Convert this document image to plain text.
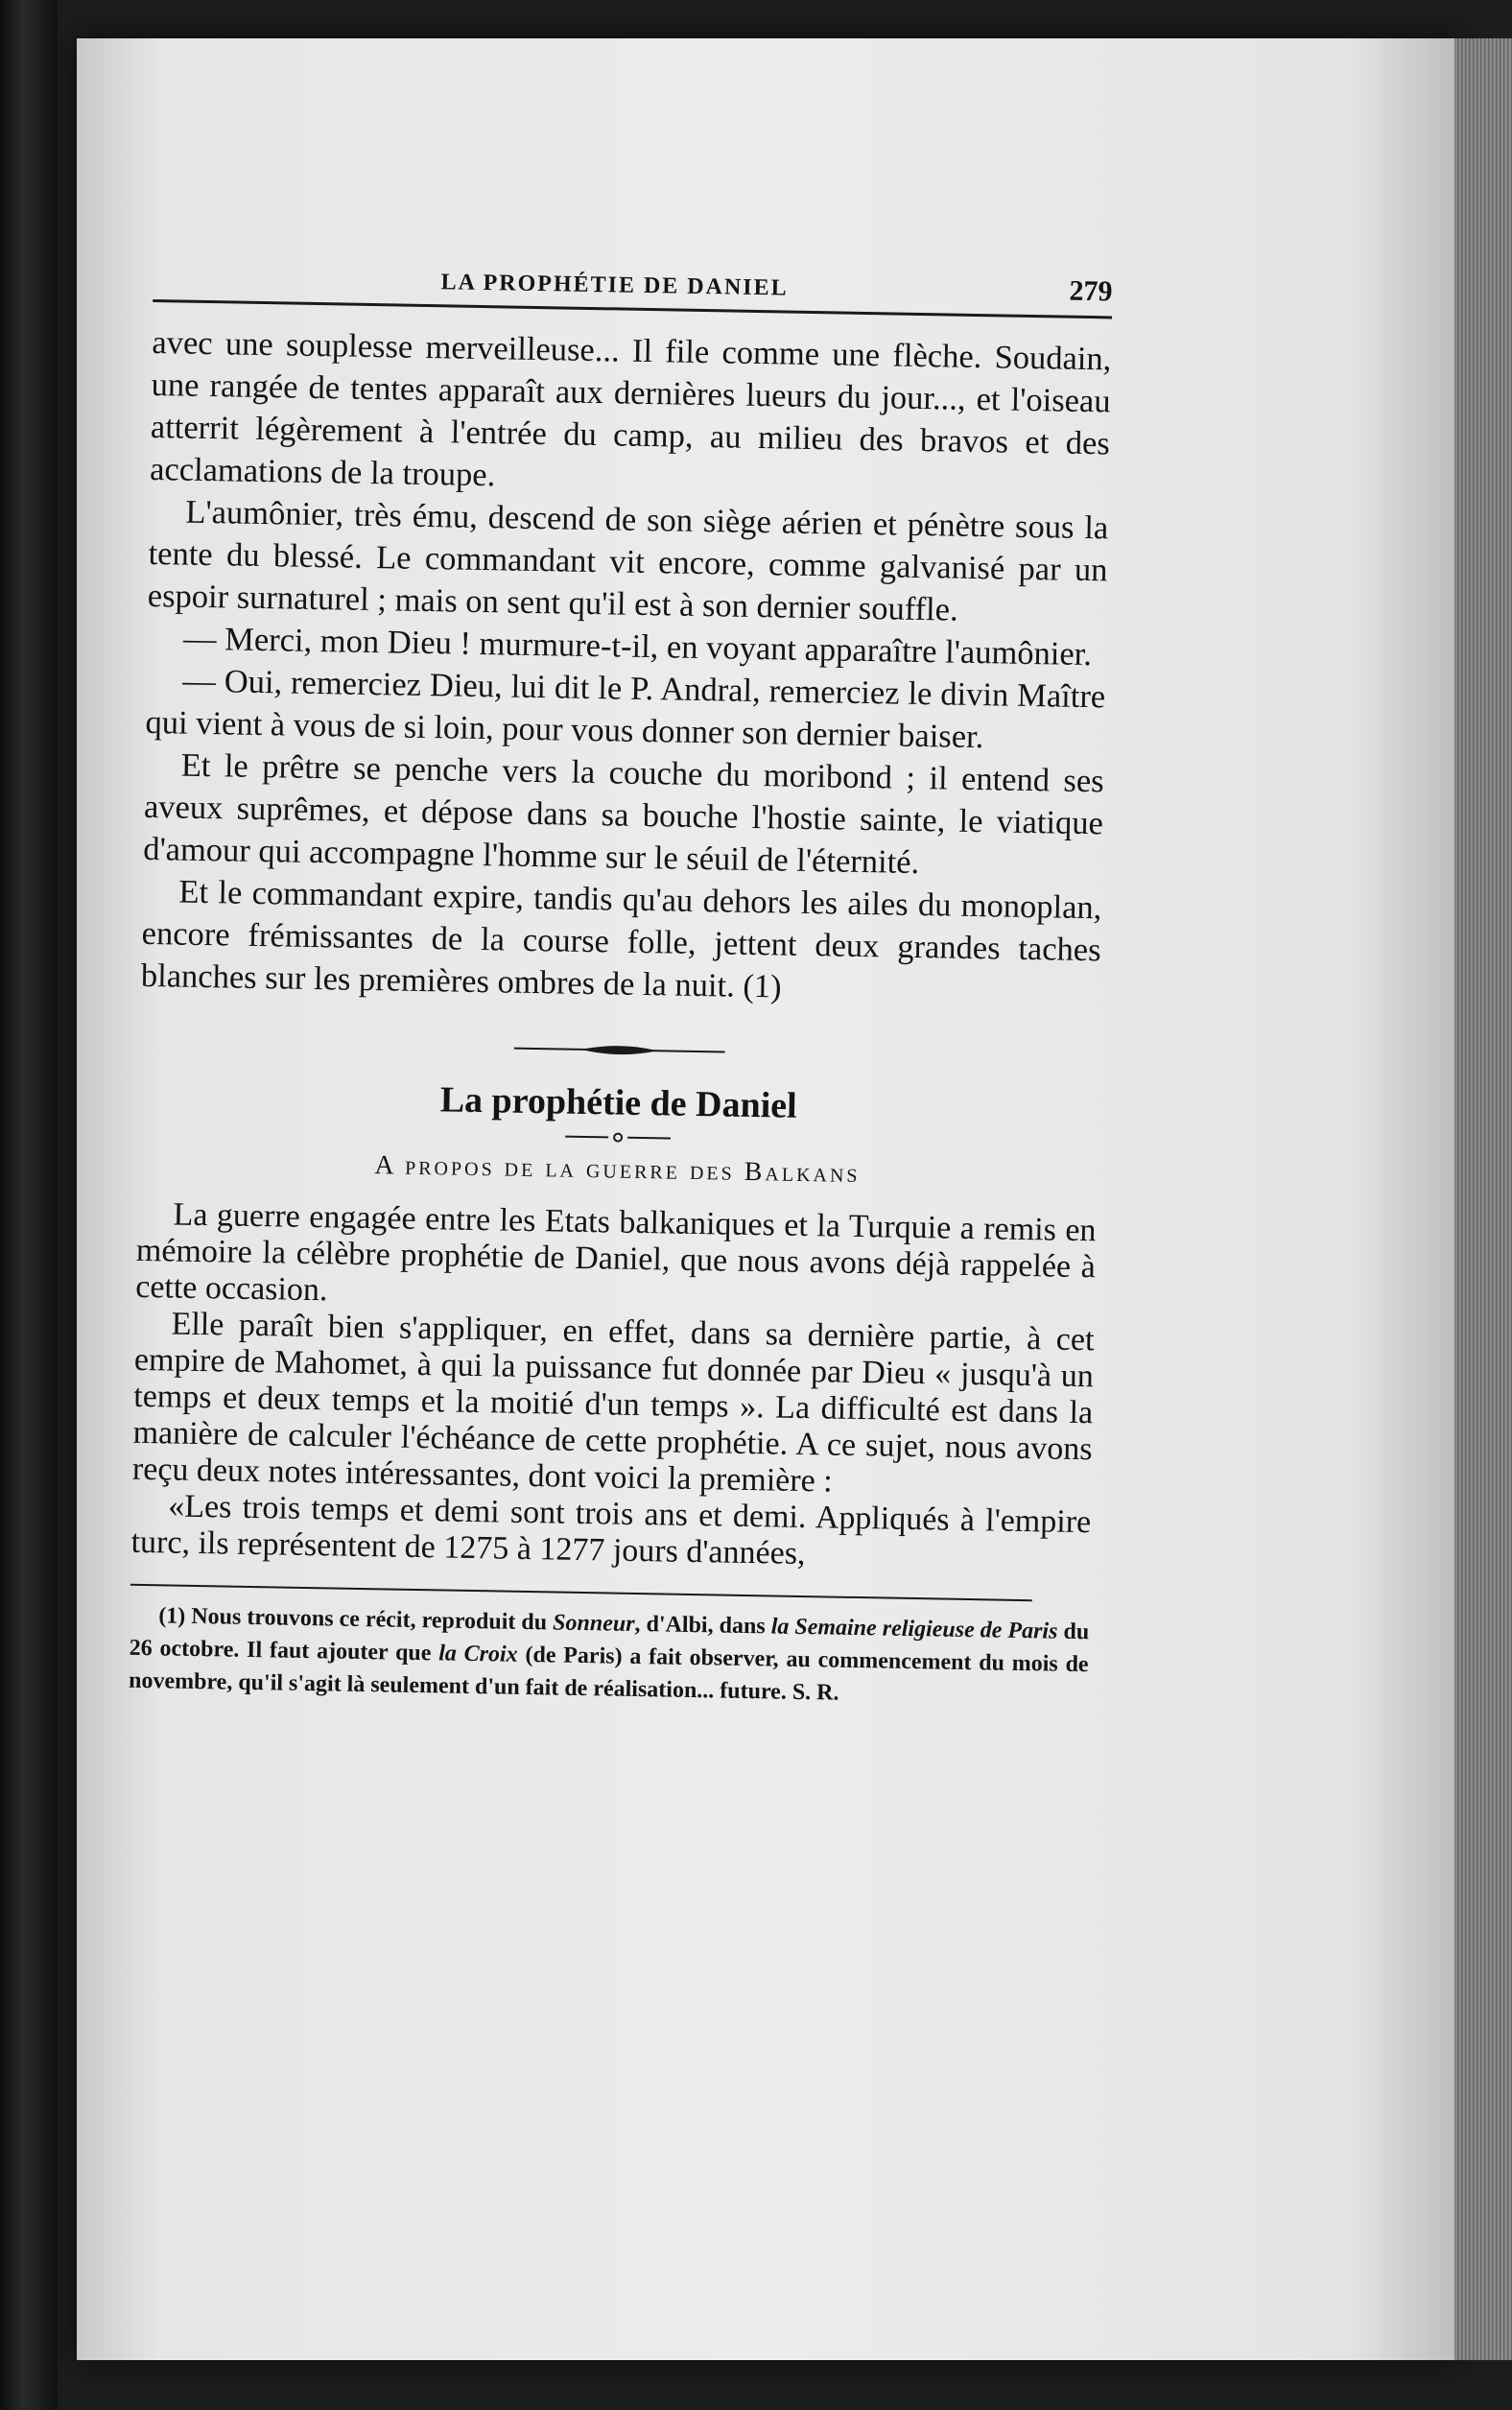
LA PROPHÉTIE DE DANIEL	279

avec une souplesse merveilleuse... Il file comme une flèche. Soudain, une rangée de tentes apparaît aux dernières lueurs du jour..., et l'oiseau atterrit légèrement à l'entrée du camp, au milieu des bravos et des acclamations de la troupe.

L'aumônier, très ému, descend de son siège aérien et pénètre sous la tente du blessé. Le commandant vit encore, comme galvanisé par un espoir surnaturel ; mais on sent qu'il est à son dernier souffle.

— Merci, mon Dieu ! murmure-t-il, en voyant apparaître l'aumônier.

— Oui, remerciez Dieu, lui dit le P. Andral, remerciez le divin Maître qui vient à vous de si loin, pour vous donner son dernier baiser.

Et le prêtre se penche vers la couche du moribond ; il entend ses aveux suprêmes, et dépose dans sa bouche l'hostie sainte, le viatique d'amour qui accompagne l'homme sur le séuil de l'éternité.

Et le commandant expire, tandis qu'au dehors les ailes du monoplan, encore frémissantes de la course folle, jettent deux grandes taches blanches sur les premières ombres de la nuit. (1)

La prophétie de Daniel
A propos de la guerre des Balkans

La guerre engagée entre les Etats balkaniques et la Turquie a remis en mémoire la célèbre prophétie de Daniel, que nous avons déjà rappelée à cette occasion.

Elle paraît bien s'appliquer, en effet, dans sa dernière partie, à cet empire de Mahomet, à qui la puissance fut donnée par Dieu « jusqu'à un temps et deux temps et la moitié d'un temps ». La difficulté est dans la manière de calculer l'échéance de cette prophétie. A ce sujet, nous avons reçu deux notes intéressantes, dont voici la première :

«Les trois temps et demi sont trois ans et demi. Appliqués à l'empire turc, ils représentent de 1275 à 1277 jours d'années,

(1) Nous trouvons ce récit, reproduit du Sonneur, d'Albi, dans la Semaine religieuse de Paris du 26 octobre. Il faut ajouter que la Croix (de Paris) a fait observer, au commencement du mois de novembre, qu'il s'agit là seulement d'un fait de réalisation... future. S. R.
